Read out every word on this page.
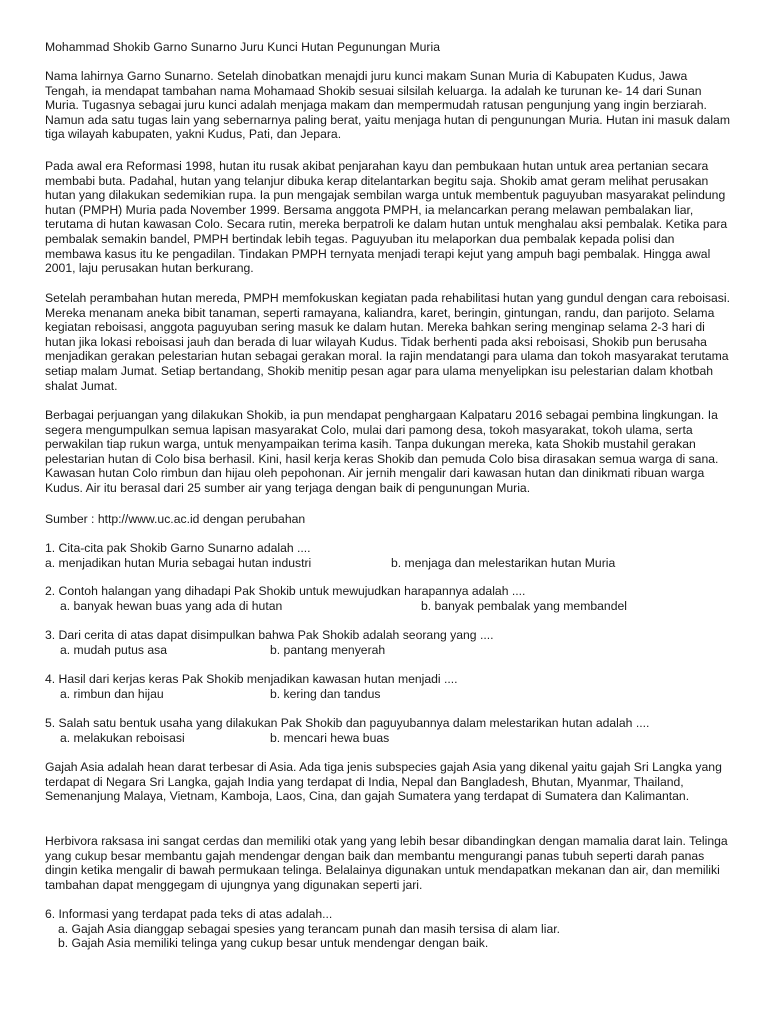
Mohammad Shokib Garno Sunarno Juru Kunci Hutan Pegunungan Muria

Nama lahirnya Garno Sunarno. Setelah dinobatkan menajdi juru kunci makam Sunan Muria di Kabupaten Kudus, Jawa Tengah, ia mendapat tambahan nama Mohamaad Shokib sesuai silsilah keluarga. Ia adalah ke turunan ke- 14 dari Sunan Muria. Tugasnya sebagai juru kunci adalah menjaga makam dan mempermudah ratusan pengunjung yang ingin berziarah. Namun ada satu tugas lain yang sebernarnya paling berat, yaitu menjaga hutan di pengunungan Muria. Hutan ini masuk dalam tiga wilayah kabupaten, yakni Kudus, Pati, dan Jepara.

Pada awal era Reformasi 1998, hutan itu rusak akibat penjarahan kayu dan pembukaan hutan untuk area pertanian secara membabi buta. Padahal, hutan yang telanjur dibuka kerap ditelantarkan begitu saja. Shokib amat geram melihat perusakan hutan yang dilakukan sedemikian rupa. Ia pun mengajak sembilan warga untuk membentuk paguyuban masyarakat pelindung hutan (PMPH) Muria pada November 1999. Bersama anggota PMPH, ia melancarkan perang melawan pembalakan liar, terutama di hutan kawasan Colo. Secara rutin, mereka berpatroli ke dalam hutan untuk menghalau aksi pembalak. Ketika para pembalak semakin bandel, PMPH bertindak lebih tegas. Paguyuban itu melaporkan dua pembalak kepada polisi dan membawa kasus itu ke pengadilan. Tindakan PMPH ternyata menjadi terapi kejut yang ampuh bagi pembalak. Hingga awal 2001, laju perusakan hutan berkurang.

Setelah perambahan hutan mereda, PMPH memfokuskan kegiatan pada rehabilitasi hutan yang gundul dengan cara reboisasi. Mereka menanam aneka bibit tanaman, seperti ramayana, kaliandra, karet, beringin, gintungan, randu, dan parijoto. Selama kegiatan reboisasi, anggota paguyuban sering masuk ke dalam hutan. Mereka bahkan sering menginap selama 2-3 hari di hutan jika lokasi reboisasi jauh dan berada di luar wilayah Kudus. Tidak berhenti pada aksi reboisasi, Shokib pun berusaha menjadikan gerakan pelestarian hutan sebagai gerakan moral. Ia rajin mendatangi para ulama dan tokoh masyarakat terutama setiap malam Jumat. Setiap bertandang, Shokib menitip pesan agar para ulama menyelipkan isu pelestarian dalam khotbah shalat Jumat.

Berbagai perjuangan yang dilakukan Shokib, ia pun mendapat penghargaan Kalpataru 2016 sebagai pembina lingkungan. Ia segera mengumpulkan semua lapisan masyarakat Colo, mulai dari pamong desa, tokoh masyarakat, tokoh ulama, serta perwakilan tiap rukun warga, untuk menyampaikan terima kasih. Tanpa dukungan mereka, kata Shokib mustahil gerakan pelestarian hutan di Colo bisa berhasil. Kini, hasil kerja keras Shokib dan pemuda Colo bisa dirasakan semua warga di sana. Kawasan hutan Colo rimbun dan hijau oleh pepohonan. Air jernih mengalir dari kawasan hutan dan dinikmati ribuan warga Kudus. Air itu berasal dari 25 sumber air yang terjaga dengan baik di pengunungan Muria.

Sumber : http://www.uc.ac.id dengan perubahan

1. Cita-cita pak Shokib Garno Sunarno adalah ....

a. menjadikan hutan Muria sebagai hutan industri	b. menjaga dan melestarikan hutan Muria

2. Contoh halangan yang dihadapi Pak Shokib untuk mewujudkan harapannya adalah ....

a. banyak hewan buas yang ada di hutan	b. banyak pembalak yang membandel

3. Dari cerita di atas dapat disimpulkan bahwa Pak Shokib adalah seorang yang ....

a. mudah putus asa	b. pantang menyerah

4. Hasil dari kerjas keras Pak Shokib menjadikan kawasan hutan menjadi ....

a. rimbun dan hijau	b. kering dan tandus

5. Salah satu bentuk usaha yang dilakukan Pak Shokib dan paguyubannya dalam melestarikan hutan adalah ....

a. melakukan reboisasi	b. mencari hewa buas

Gajah Asia adalah hean darat terbesar di Asia. Ada tiga jenis subspecies gajah Asia yang dikenal yaitu gajah Sri Langka yang terdapat di Negara Sri Langka, gajah India yang terdapat di India, Nepal dan Bangladesh, Bhutan, Myanmar, Thailand, Semenanjung Malaya, Vietnam, Kamboja, Laos, Cina, dan gajah Sumatera yang terdapat di Sumatera dan Kalimantan.

Herbivora raksasa ini sangat cerdas dan memiliki otak yang yang lebih besar dibandingkan dengan mamalia darat lain. Telinga yang cukup besar membantu gajah mendengar dengan baik dan membantu mengurangi panas tubuh seperti darah panas dingin ketika mengalir di bawah permukaan telinga. Belalainya digunakan untuk mendapatkan mekanan dan air, dan memiliki tambahan dapat menggegam di ujungnya yang digunakan seperti jari.

6. Informasi yang terdapat pada teks di atas adalah...

a. Gajah Asia dianggap sebagai spesies yang terancam punah dan masih tersisa di alam liar.

b. Gajah Asia memiliki telinga yang cukup besar untuk mendengar dengan baik.
